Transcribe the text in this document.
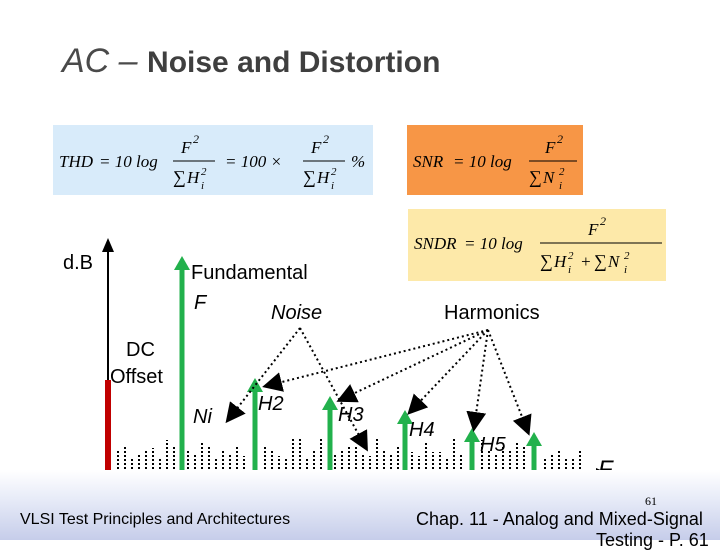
AC – Noise and Distortion
THD = 10 log
F 2
∑ H 2
i
= 100 ×
F 2
∑ H 2
i
%	SNR = 10 log
F 2
∑ N 2
i
SNDR = 10 log
F 2
∑ H 2
i + ∑ N 2
i
d.B	Fundamental
F	Noise	Harmonics
DC
Offset
Ni
H2	H3
H4
H5
61
VLSI Test Principles and Architectures	Chap. 11 - Analog and Mixed-Signal
Testing - P. 61
